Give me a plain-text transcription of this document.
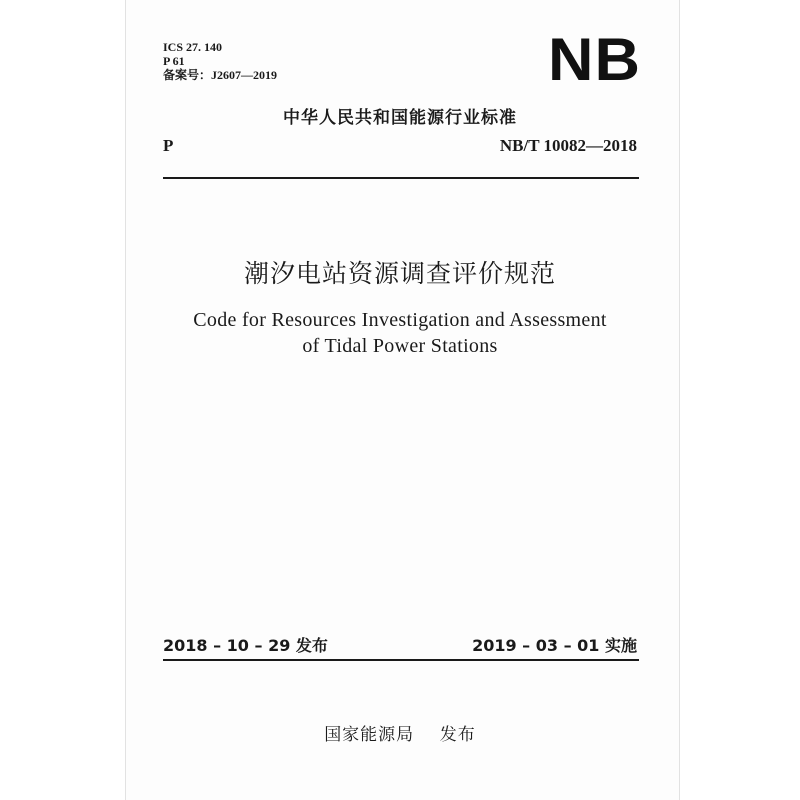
ICS 27. 140
P 61
备案号：J2607—2019	NB
中华人民共和国能源行业标准
P	NB/T 10082—2018
潮汐电站资源调查评价规范
Code for Resources Investigation and Assessment
of Tidal Power Stations
2018 – 10 – 29 发布	2019 – 03 – 01 实施
国家能源局    发布
